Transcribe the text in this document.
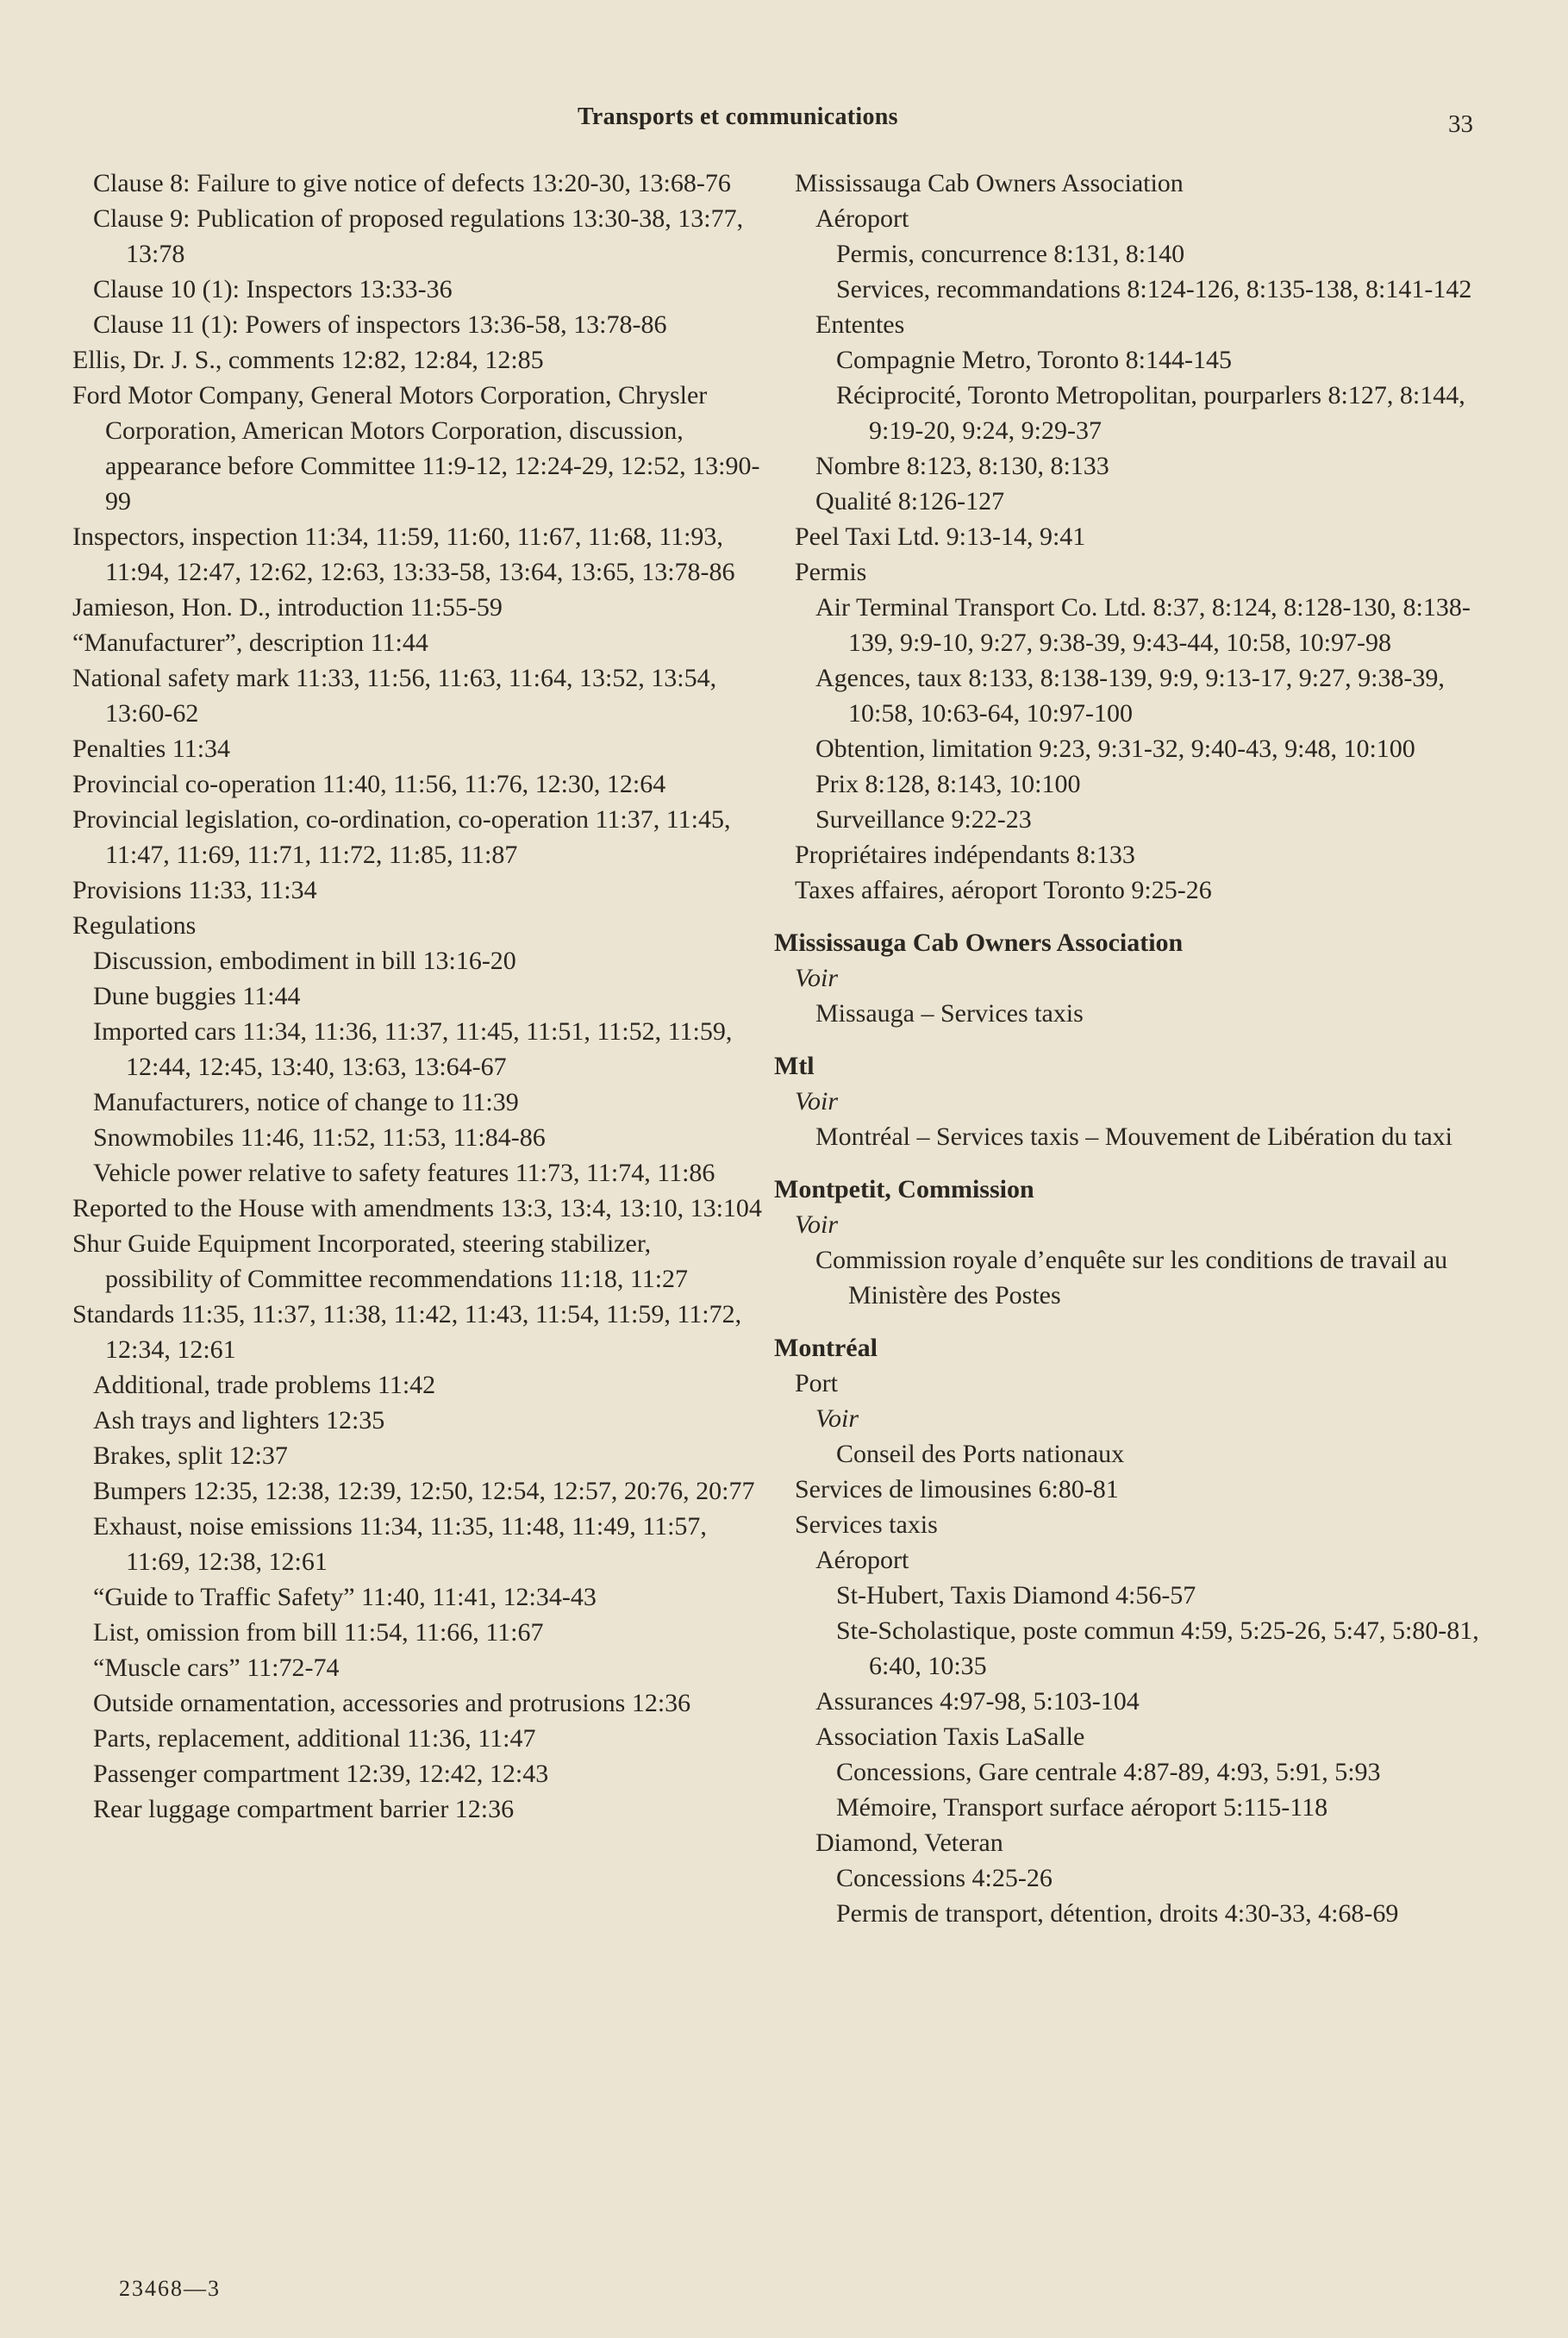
Transports et communications	33
Clause 8: Failure to give notice of defects 13:20-30, 13:68-76
Clause 9: Publication of proposed regulations 13:30-38, 13:77, 13:78
Clause 10 (1): Inspectors 13:33-36
Clause 11 (1): Powers of inspectors 13:36-58, 13:78-86
Ellis, Dr. J. S., comments 12:82, 12:84, 12:85
Ford Motor Company, General Motors Corporation, Chrysler Corporation, American Motors Corporation, discussion, appearance before Committee 11:9-12, 12:24-29, 12:52, 13:90-99
Inspectors, inspection 11:34, 11:59, 11:60, 11:67, 11:68, 11:93, 11:94, 12:47, 12:62, 12:63, 13:33-58, 13:64, 13:65, 13:78-86
Jamieson, Hon. D., introduction 11:55-59
“Manufacturer”, description 11:44
National safety mark 11:33, 11:56, 11:63, 11:64, 13:52, 13:54, 13:60-62
Penalties 11:34
Provincial co-operation 11:40, 11:56, 11:76, 12:30, 12:64
Provincial legislation, co-ordination, co-operation 11:37, 11:45, 11:47, 11:69, 11:71, 11:72, 11:85, 11:87
Provisions 11:33, 11:34
Regulations
Discussion, embodiment in bill 13:16-20
Dune buggies 11:44
Imported cars 11:34, 11:36, 11:37, 11:45, 11:51, 11:52, 11:59, 12:44, 12:45, 13:40, 13:63, 13:64-67
Manufacturers, notice of change to 11:39
Snowmobiles 11:46, 11:52, 11:53, 11:84-86
Vehicle power relative to safety features 11:73, 11:74, 11:86
Reported to the House with amendments 13:3, 13:4, 13:10, 13:104
Shur Guide Equipment Incorporated, steering stabilizer, possibility of Committee recommendations 11:18, 11:27
Standards 11:35, 11:37, 11:38, 11:42, 11:43, 11:54, 11:59, 11:72, 12:34, 12:61
Additional, trade problems 11:42
Ash trays and lighters 12:35
Brakes, split 12:37
Bumpers 12:35, 12:38, 12:39, 12:50, 12:54, 12:57, 20:76, 20:77
Exhaust, noise emissions 11:34, 11:35, 11:48, 11:49, 11:57, 11:69, 12:38, 12:61
“Guide to Traffic Safety” 11:40, 11:41, 12:34-43
List, omission from bill 11:54, 11:66, 11:67
“Muscle cars” 11:72-74
Outside ornamentation, accessories and protrusions 12:36
Parts, replacement, additional 11:36, 11:47
Passenger compartment 12:39, 12:42, 12:43
Rear luggage compartment barrier 12:36
Mississauga Cab Owners Association
Aéroport
Permis, concurrence 8:131, 8:140
Services, recommandations 8:124-126, 8:135-138, 8:141-142
Ententes
Compagnie Metro, Toronto 8:144-145
Réciprocité, Toronto Metropolitan, pourparlers 8:127, 8:144, 9:19-20, 9:24, 9:29-37
Nombre 8:123, 8:130, 8:133
Qualité 8:126-127
Peel Taxi Ltd. 9:13-14, 9:41
Permis
Air Terminal Transport Co. Ltd. 8:37, 8:124, 8:128-130, 8:138-139, 9:9-10, 9:27, 9:38-39, 9:43-44, 10:58, 10:97-98
Agences, taux 8:133, 8:138-139, 9:9, 9:13-17, 9:27, 9:38-39, 10:58, 10:63-64, 10:97-100
Obtention, limitation 9:23, 9:31-32, 9:40-43, 9:48, 10:100
Prix 8:128, 8:143, 10:100
Surveillance 9:22-23
Propriétaires indépendants 8:133
Taxes affaires, aéroport Toronto 9:25-26
Mississauga Cab Owners Association
Voir
Missauga – Services taxis
Mtl
Voir
Montréal – Services taxis – Mouvement de Libération du taxi
Montpetit, Commission
Voir
Commission royale d’enquête sur les conditions de travail au Ministère des Postes
Montréal
Port
Voir
Conseil des Ports nationaux
Services de limousines 6:80-81
Services taxis
Aéroport
St-Hubert, Taxis Diamond 4:56-57
Ste-Scholastique, poste commun 4:59, 5:25-26, 5:47, 5:80-81, 6:40, 10:35
Assurances 4:97-98, 5:103-104
Association Taxis LaSalle
Concessions, Gare centrale 4:87-89, 4:93, 5:91, 5:93
Mémoire, Transport surface aéroport 5:115-118
Diamond, Veteran
Concessions 4:25-26
Permis de transport, détention, droits 4:30-33, 4:68-69
23468—3
